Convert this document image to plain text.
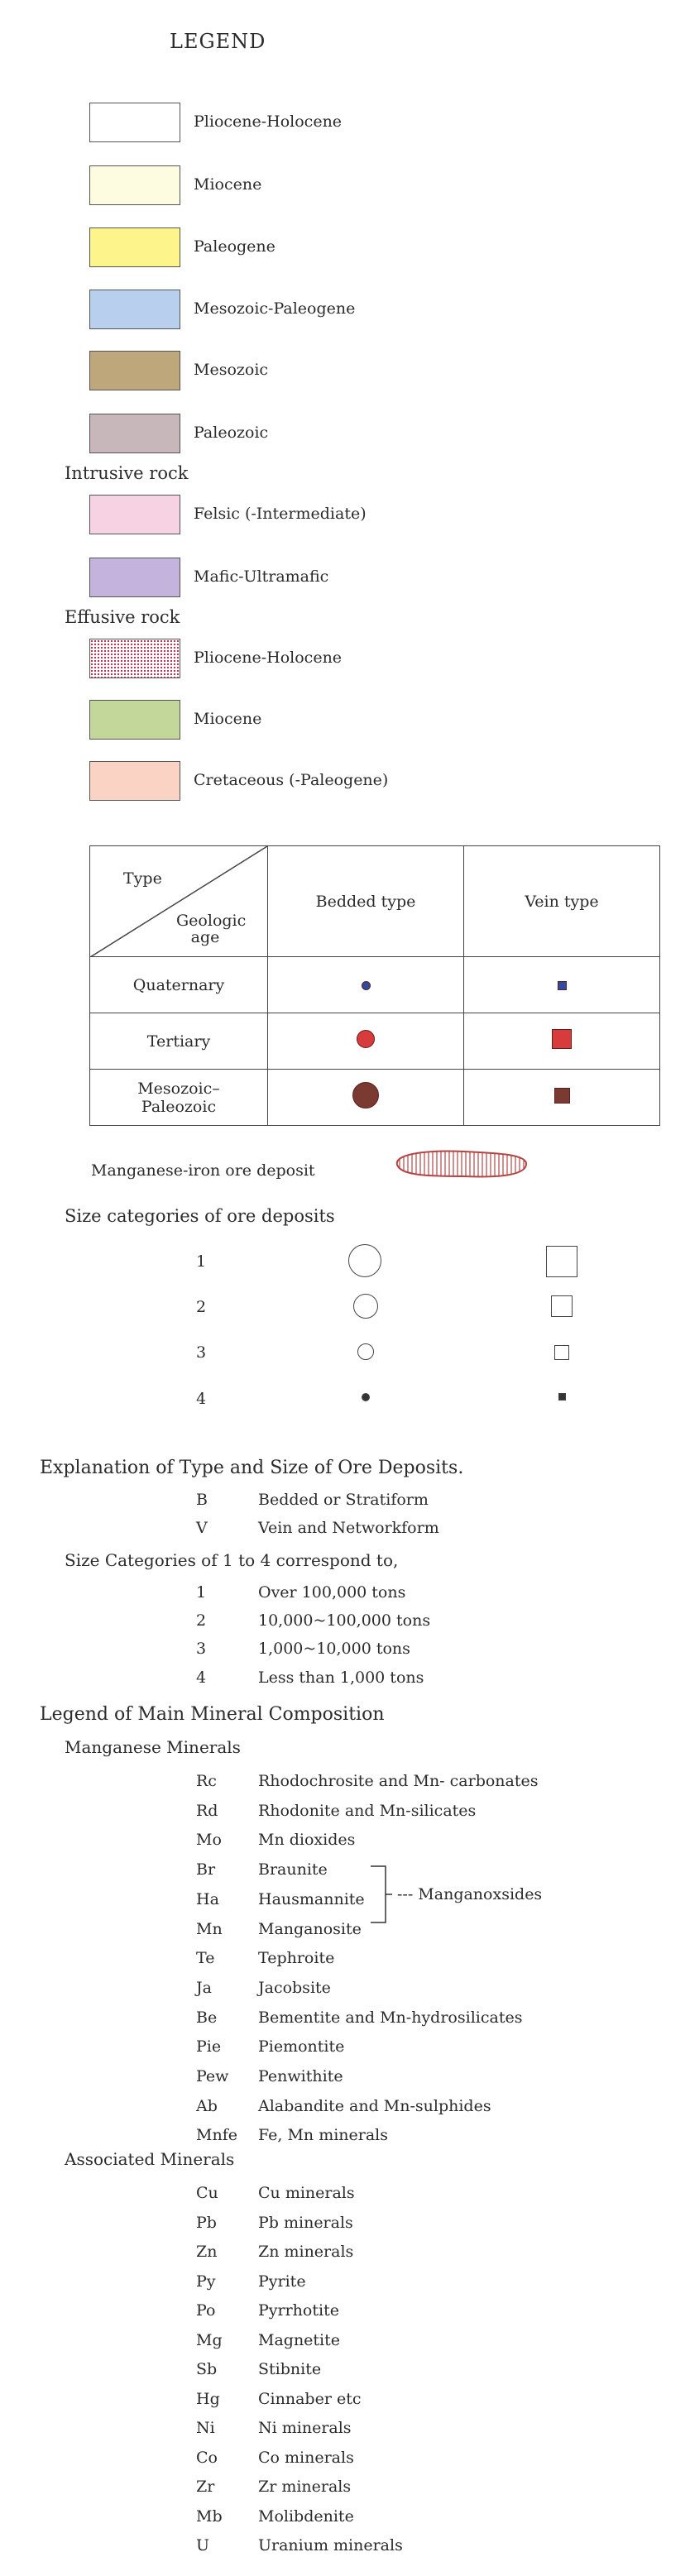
LEGEND
Pliocene-Holocene
Miocene
Paleogene
Mesozoic-Paleogene
Mesozoic
Paleozoic
Intrusive rock
Felsic (-Intermediate)
Mafic-Ultramafic
Effusive rock
Pliocene-Holocene
Miocene
Cretaceous (-Paleogene)
Type
Geologic age	Bedded type	Vein type
Quaternary		
Tertiary		

Mesozoic– Paleozoic		

Manganese-iron ore deposit
Size categories of ore deposits
1
2
3
4
Explanation of Type and Size of Ore Deposits.
B	Bedded or Stratiform
V	Vein and Networkform
Size Categories of 1 to 4 correspond to,
1	Over 100,000 tons
2	10,000~100,000 tons
3	1,000~10,000 tons
4	Less than 1,000 tons
Legend of Main Mineral Composition
Manganese Minerals
Rc	Rhodochrosite and Mn- carbonates
Rd	Rhodonite and Mn-silicates
Mo Mn dioxides
Br	Braunite
Ha Hausmannite
Mn Manganosite
Te	Tephroite
Ja	Jacobsite
Be	Bementite and Mn-hydrosilicates
Pie Piemontite
Pew Penwithite
Ab	Alabandite and Mn-sulphides
Mnfe Fe, Mn minerals
--- Manganoxsides
Associated Minerals
Cu	Cu minerals
Pb	Pb minerals
Zn	Zn minerals
Py	Pyrite
Po	Pyrrhotite
Mg Magnetite
Sb	Stibnite
Hg Cinnaber etc
Ni	Ni minerals
Co	Co minerals
Zr	Zr minerals
Mb Molibdenite
U	Uranium minerals
